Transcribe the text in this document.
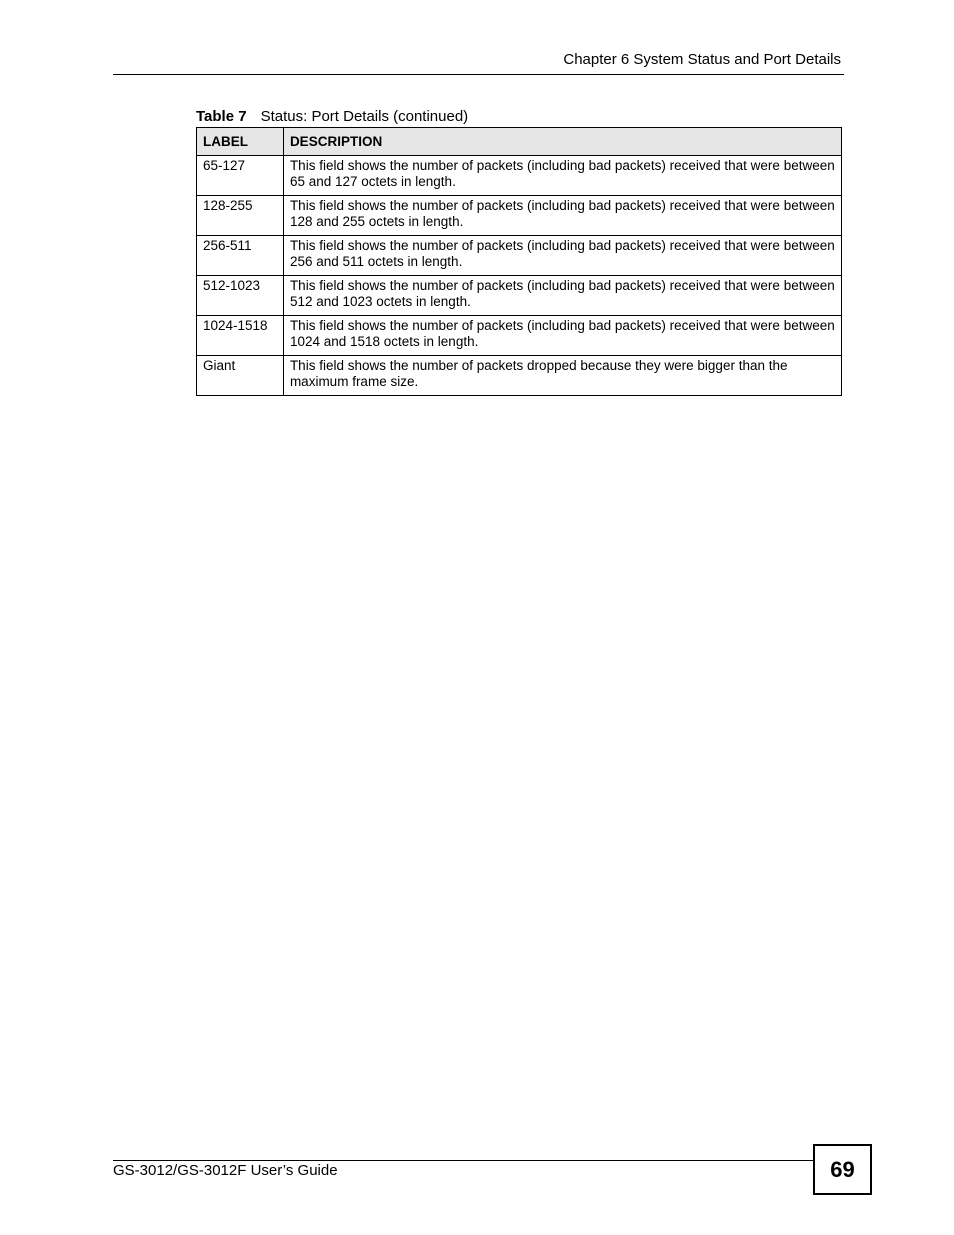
Chapter 6 System Status and Port Details
Table 7 Status: Port Details (continued)
LABEL	DESCRIPTION
65-127	This field shows the number of packets (including bad packets) received that were between 65 and 127 octets in length.
128-255	This field shows the number of packets (including bad packets) received that were between 128 and 255 octets in length.
256-511	This field shows the number of packets (including bad packets) received that were between 256 and 511 octets in length.
512-1023	This field shows the number of packets (including bad packets) received that were between 512 and 1023 octets in length.
1024-1518	This field shows the number of packets (including bad packets) received that were between 1024 and 1518 octets in length.
Giant	This field shows the number of packets dropped because they were bigger than the maximum frame size.
GS-3012/GS-3012F User’s Guide	69
